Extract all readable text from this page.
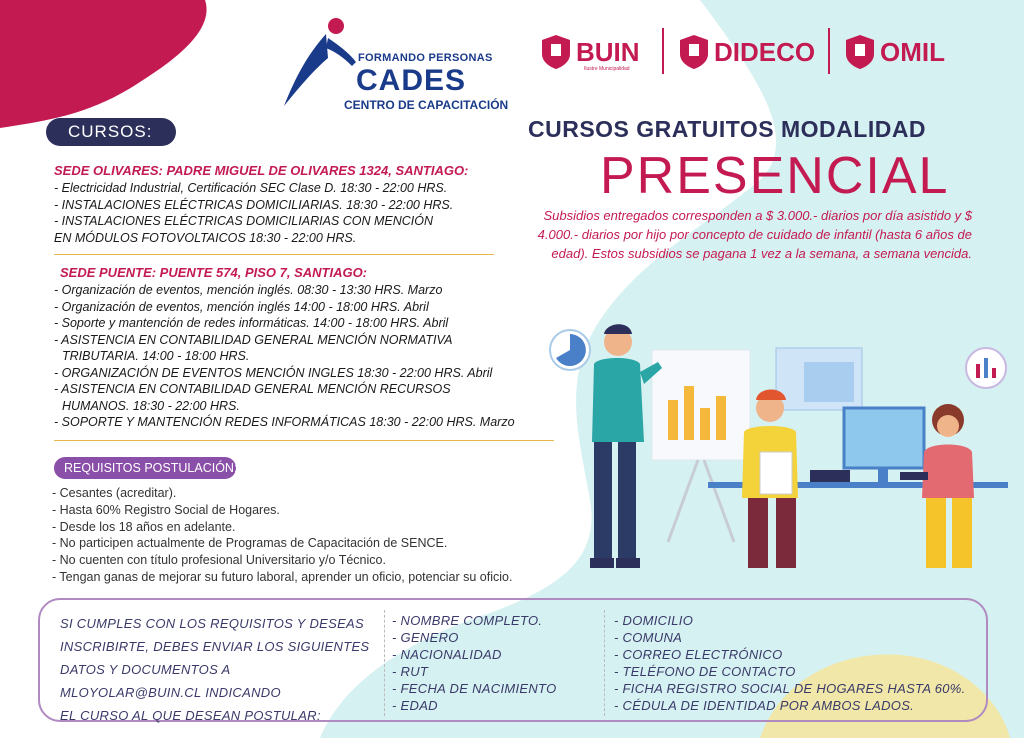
FORMANDO PERSONAS
CADES
CENTRO DE CAPACITACIÓN
BUIN
Ilustre Municipalidad
DIDECO OMIL
CURSOS:
SEDE OLIVARES: PADRE MIGUEL DE OLIVARES 1324, SANTIAGO:

- Electricidad Industrial, Certificación SEC Clase D. 18:30 - 22:00 HRS.

- INSTALACIONES ELÉCTRICAS DOMICILIARIAS. 18:30 - 22:00 HRS.

- INSTALACIONES ELÉCTRICAS DOMICILIARIAS CON MENCIÓN

EN MÓDULOS FOTOVOLTAICOS 18:30 - 22:00 HRS.

SEDE PUENTE: PUENTE 574, PISO 7, SANTIAGO:

- Organización de eventos, mención inglés. 08:30 - 13:30 HRS. Marzo

- Organización de eventos, mención inglés 14:00 - 18:00 HRS. Abril

- Soporte y mantención de redes informáticas. 14:00 - 18:00 HRS. Abril

- ASISTENCIA EN CONTABILIDAD GENERAL MENCIÓN NORMATIVA

TRIBUTARIA. 14:00 - 18:00 HRS.

- ORGANIZACIÓN DE EVENTOS MENCIÓN INGLES 18:30 - 22:00 HRS. Abril

- ASISTENCIA EN CONTABILIDAD GENERAL MENCIÓN RECURSOS

HUMANOS. 18:30 - 22:00 HRS.

- SOPORTE Y MANTENCIÓN REDES INFORMÁTICAS 18:30 - 22:00 HRS. Marzo

CURSOS GRATUITOS MODALIDAD
PRESENCIAL
Subsidios entregados corresponden a $ 3.000.- diarios por día asistido y $ 4.000.- diarios por hijo por concepto de cuidado de infantil (hasta 6 años de edad). Estos subsidios se pagana 1 vez a la semana, a semana vencida.
REQUISITOS POSTULACIÓN:
- Cesantes (acreditar).
- Hasta 60% Registro Social de Hogares.
- Desde los 18 años en adelante.
- No participen actualmente de Programas de Capacitación de SENCE.
- No cuenten con título profesional Universitario y/o Técnico.
- Tengan ganas de mejorar su futuro laboral, aprender un oficio, potenciar su oficio.
SI CUMPLES CON LOS REQUISITOS Y DESEAS
INSCRIBIRTE, DEBES ENVIAR LOS SIGUIENTES
DATOS Y DOCUMENTOS A
MLOYOLAR@BUIN.CL INDICANDO
EL CURSO AL QUE DESEAN POSTULAR:
- NOMBRE COMPLETO.
- GENERO
- NACIONALIDAD
- RUT
- FECHA DE NACIMIENTO
- EDAD
- DOMICILIO
- COMUNA
- CORREO ELECTRÓNICO
- TELÉFONO DE CONTACTO
- FICHA REGISTRO SOCIAL DE HOGARES HASTA 60%.
- CÉDULA DE IDENTIDAD POR AMBOS LADOS.
